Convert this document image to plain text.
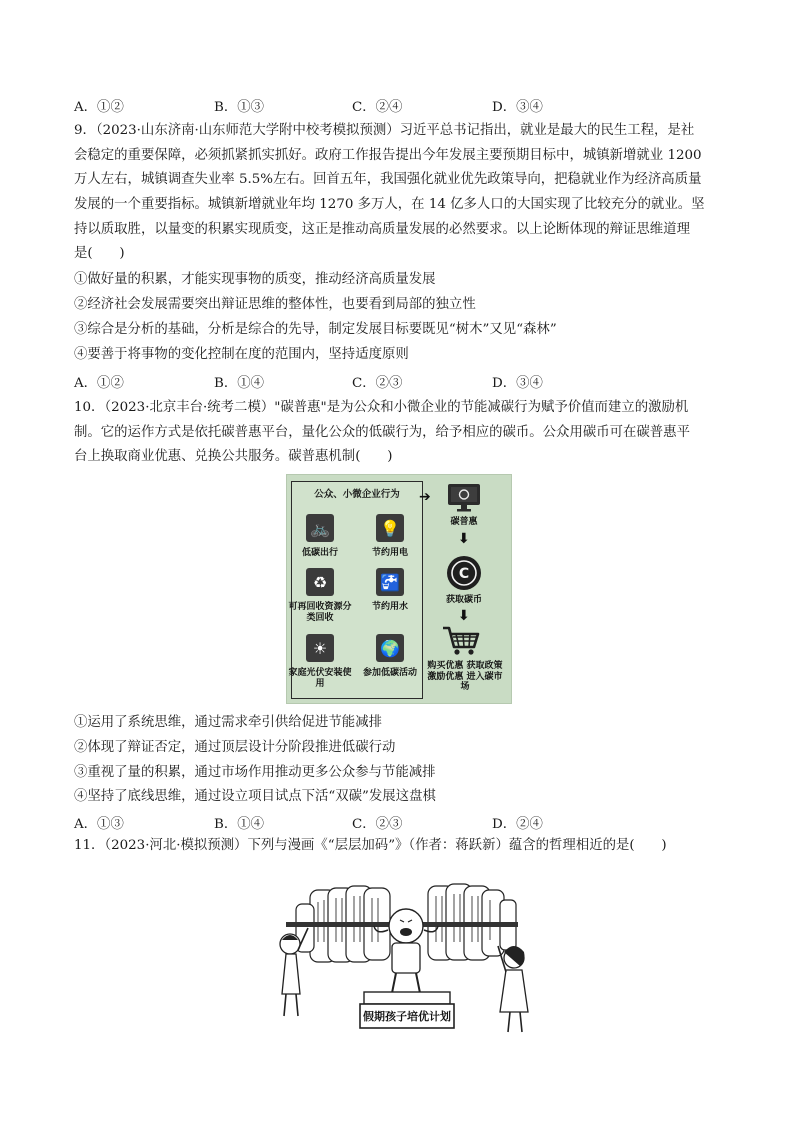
A．①②	B．①③	C．②④	D．③④
9．（2023·山东济南·山东师范大学附中校考模拟预测）习近平总书记指出，就业是最大的民生工程，是社
会稳定的重要保障，必须抓紧抓实抓好。政府工作报告提出今年发展主要预期目标中，城镇新增就业 1200
万人左右，城镇调查失业率 5.5%左右。回首五年，我国强化就业优先政策导向，把稳就业作为经济高质量
发展的一个重要指标。城镇新增就业年均 1270 多万人，在 14 亿多人口的大国实现了比较充分的就业。坚
持以质取胜，以量变的积累实现质变，这正是推动高质量发展的必然要求。以上论断体现的辩证思维道理
是(　　)
①做好量的积累，才能实现事物的质变，推动经济高质量发展
②经济社会发展需要突出辩证思维的整体性，也要看到局部的独立性
③综合是分析的基础，分析是综合的先导，制定发展目标要既见“树木”又见“森林”
④要善于将事物的变化控制在度的范围内，坚持适度原则
A．①②	B．①④	C．②③	D．③④
10．（2023·北京丰台·统考二模）"碳普惠"是为公众和小微企业的节能减碳行为赋予价值而建立的激励机
制。它的运作方式是依托碳普惠平台，量化公众的低碳行为，给予相应的碳币。公众用碳币可在碳普惠平
台上换取商业优惠、兑换公共服务。碳普惠机制(　　)
公众、小微企业行为
🚲
低碳出行
💡
节约用电
♻
可再回收资源分类回收
🚰
节约用水
☀
家庭光伏安装使用
🌍
参加低碳活动
➔
碳普惠
⬇
C
获取碳币
⬇
购买优惠 获取政策激励优惠 进入碳市场
①运用了系统思维，通过需求牵引供给促进节能减排
②体现了辩证否定，通过顶层设计分阶段推进低碳行动
③重视了量的积累，通过市场作用推动更多公众参与节能减排
④坚持了底线思维，通过设立项目试点下活“双碳”发展这盘棋
A．①③	B．①④	C．②③	D．②④
11．（2023·河北·模拟预测）下列与漫画《“层层加码”》（作者：蒋跃新）蕴含的哲理相近的是(　　)
假期孩子培优计划
